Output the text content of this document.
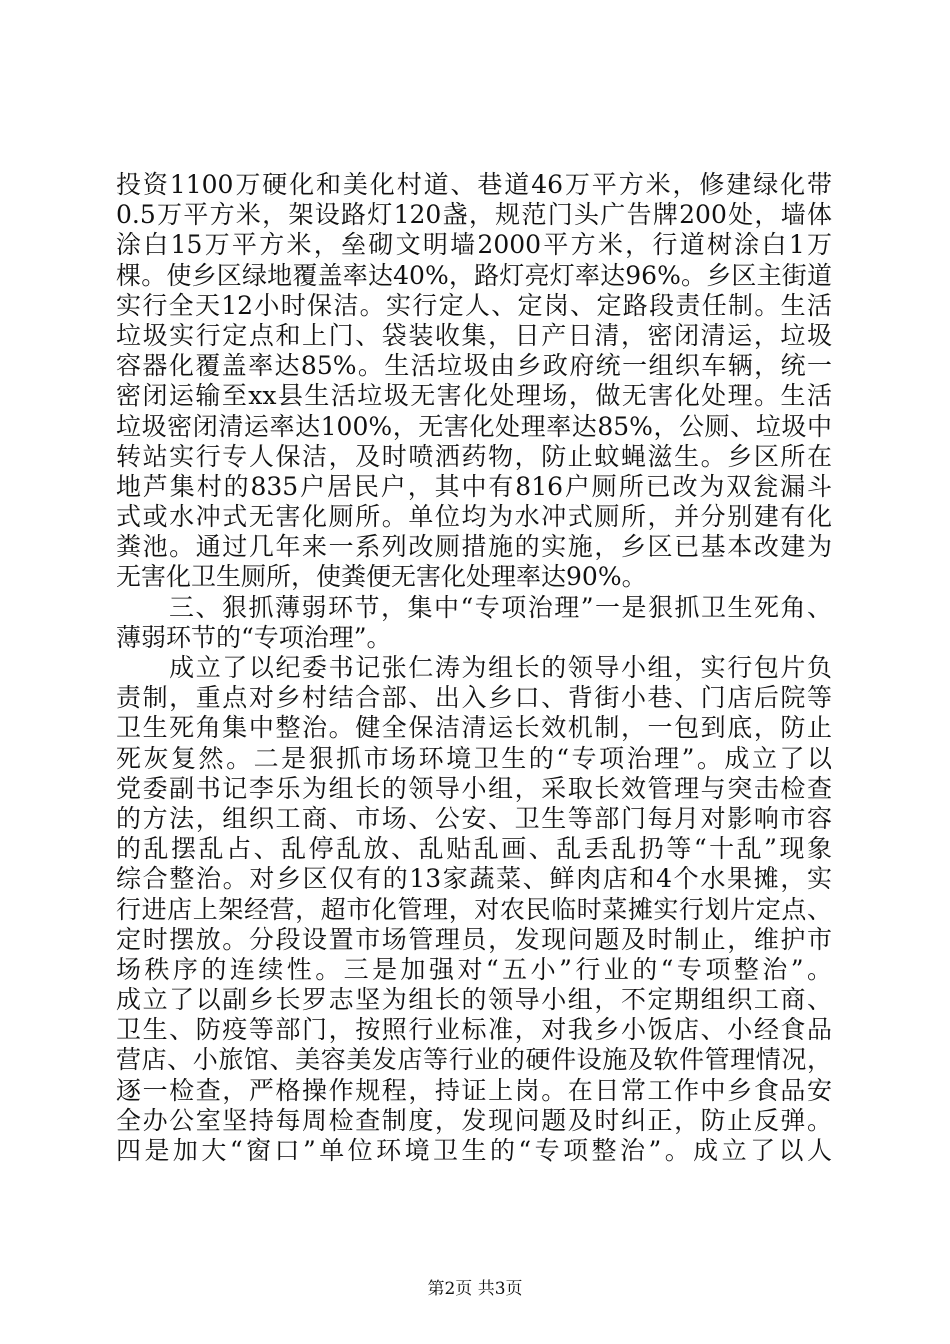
投资1100万硬化和美化村道、巷道46万平方米，修建绿化带
0.5万平方米，架设路灯120盏，规范门头广告牌200处，墙体
涂白15万平方米，垒砌文明墙2000平方米，行道树涂白1万
棵。使乡区绿地覆盖率达40%，路灯亮灯率达96%。乡区主街道
实行全天12小时保洁。实行定人、定岗、定路段责任制。生活
垃圾实行定点和上门、袋装收集，日产日清，密闭清运，垃圾
容器化覆盖率达85%。生活垃圾由乡政府统一组织车辆，统一
密闭运输至xx县生活垃圾无害化处理场，做无害化处理。生活
垃圾密闭清运率达100%，无害化处理率达85%，公厕、垃圾中
转站实行专人保洁，及时喷洒药物，防止蚊蝇滋生。乡区所在
地芦集村的835户居民户，其中有816户厕所已改为双瓮漏斗
式或水冲式无害化厕所。单位均为水冲式厕所，并分别建有化
粪池。通过几年来一系列改厕措施的实施，乡区已基本改建为
无害化卫生厕所，使粪便无害化处理率达90%。
　　三、狠抓薄弱环节，集中“专项治理”一是狠抓卫生死角、
薄弱环节的“专项治理”。
　　成立了以纪委书记张仁涛为组长的领导小组，实行包片负
责制，重点对乡村结合部、出入乡口、背街小巷、门店后院等
卫生死角集中整治。健全保洁清运长效机制，一包到底，防止
死灰复然。二是狠抓市场环境卫生的“专项治理”。成立了以
党委副书记李乐为组长的领导小组，采取长效管理与突击检查
的方法，组织工商、市场、公安、卫生等部门每月对影响市容
的乱摆乱占、乱停乱放、乱贴乱画、乱丢乱扔等“十乱”现象
综合整治。对乡区仅有的13家蔬菜、鲜肉店和4个水果摊，实
行进店上架经营，超市化管理，对农民临时菜摊实行划片定点、
定时摆放。分段设置市场管理员，发现问题及时制止，维护市
场秩序的连续性。三是加强对“五小”行业的“专项整治”。
成立了以副乡长罗志坚为组长的领导小组，不定期组织工商、
卫生、防疫等部门，按照行业标准，对我乡小饭店、小经食品
营店、小旅馆、美容美发店等行业的硬件设施及软件管理情况，
逐一检查，严格操作规程，持证上岗。在日常工作中乡食品安
全办公室坚持每周检查制度，发现问题及时纠正，防止反弹。
四是加大“窗口”单位环境卫生的“专项整治”。成立了以人
第2页 共3页
